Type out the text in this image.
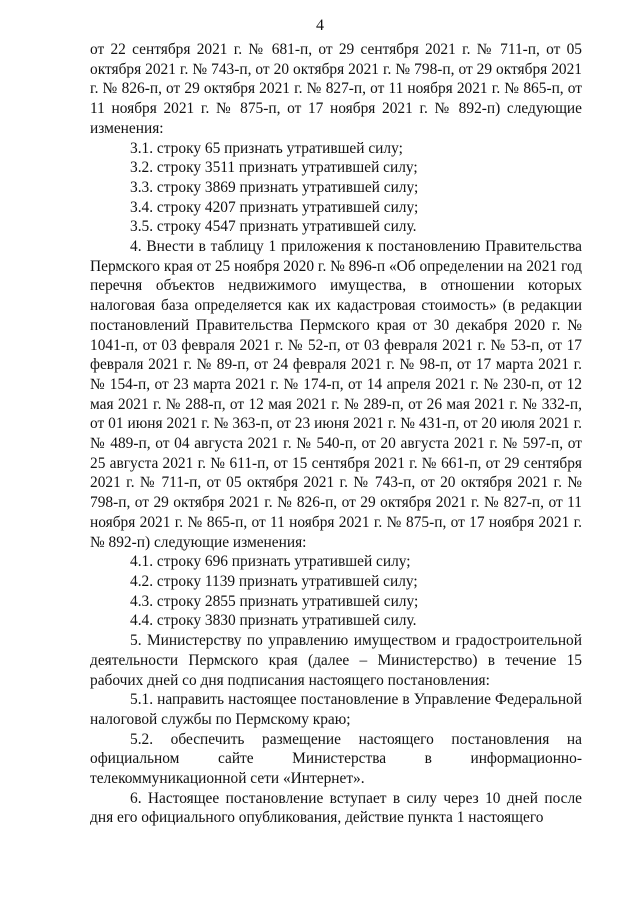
4

от 22 сентября 2021 г. № 681-п, от 29 сентября 2021 г. № 711-п, от 05 октября 2021 г. № 743-п, от 20 октября 2021 г. № 798-п, от 29 октября 2021 г. № 826-п, от 29 октября 2021 г. № 827-п, от 11 ноября 2021 г. № 865-п, от 11 ноября 2021 г. № 875-п, от 17 ноября 2021 г. № 892-п) следующие изменения:

3.1. строку 65 признать утратившей силу;

3.2. строку 3511 признать утратившей силу;

3.3. строку 3869 признать утратившей силу;

3.4. строку 4207 признать утратившей силу;

3.5. строку 4547 признать утратившей силу.

4. Внести в таблицу 1 приложения к постановлению Правительства Пермского края от 25 ноября 2020 г. № 896-п «Об определении на 2021 год перечня объектов недвижимого имущества, в отношении которых налоговая база определяется как их кадастровая стоимость» (в редакции постановлений Правительства Пермского края от 30 декабря 2020 г. № 1041-п, от 03 февраля 2021 г. № 52-п, от 03 февраля 2021 г. № 53-п, от 17 февраля 2021 г. № 89-п, от 24 февраля 2021 г. № 98-п, от 17 марта 2021 г. № 154-п, от 23 марта 2021 г. № 174-п, от 14 апреля 2021 г. № 230-п, от 12 мая 2021 г. № 288-п, от 12 мая 2021 г. № 289-п, от 26 мая 2021 г. № 332-п, от 01 июня 2021 г. № 363-п, от 23 июня 2021 г. № 431-п, от 20 июля 2021 г. № 489-п, от 04 августа 2021 г. № 540-п, от 20 августа 2021 г. № 597-п, от 25 августа 2021 г. № 611-п, от 15 сентября 2021 г. № 661-п, от 29 сентября 2021 г. № 711-п, от 05 октября 2021 г. № 743-п, от 20 октября 2021 г. № 798-п, от 29 октября 2021 г. № 826-п, от 29 октября 2021 г. № 827-п, от 11 ноября 2021 г. № 865-п, от 11 ноября 2021 г. № 875-п, от 17 ноября 2021 г. № 892-п) следующие изменения:

4.1. строку 696 признать утратившей силу;

4.2. строку 1139 признать утратившей силу;

4.3. строку 2855 признать утратившей силу;

4.4. строку 3830 признать утратившей силу.

5. Министерству по управлению имуществом и градостроительной деятельности Пермского края (далее – Министерство) в течение 15 рабочих дней со дня подписания настоящего постановления:

5.1. направить настоящее постановление в Управление Федеральной налоговой службы по Пермскому краю;

5.2. обеспечить размещение настоящего постановления на официальном сайте Министерства в информационно-телекоммуникационной сети «Интернет».

6. Настоящее постановление вступает в силу через 10 дней после дня его официального опубликования, действие пункта 1 настоящего
